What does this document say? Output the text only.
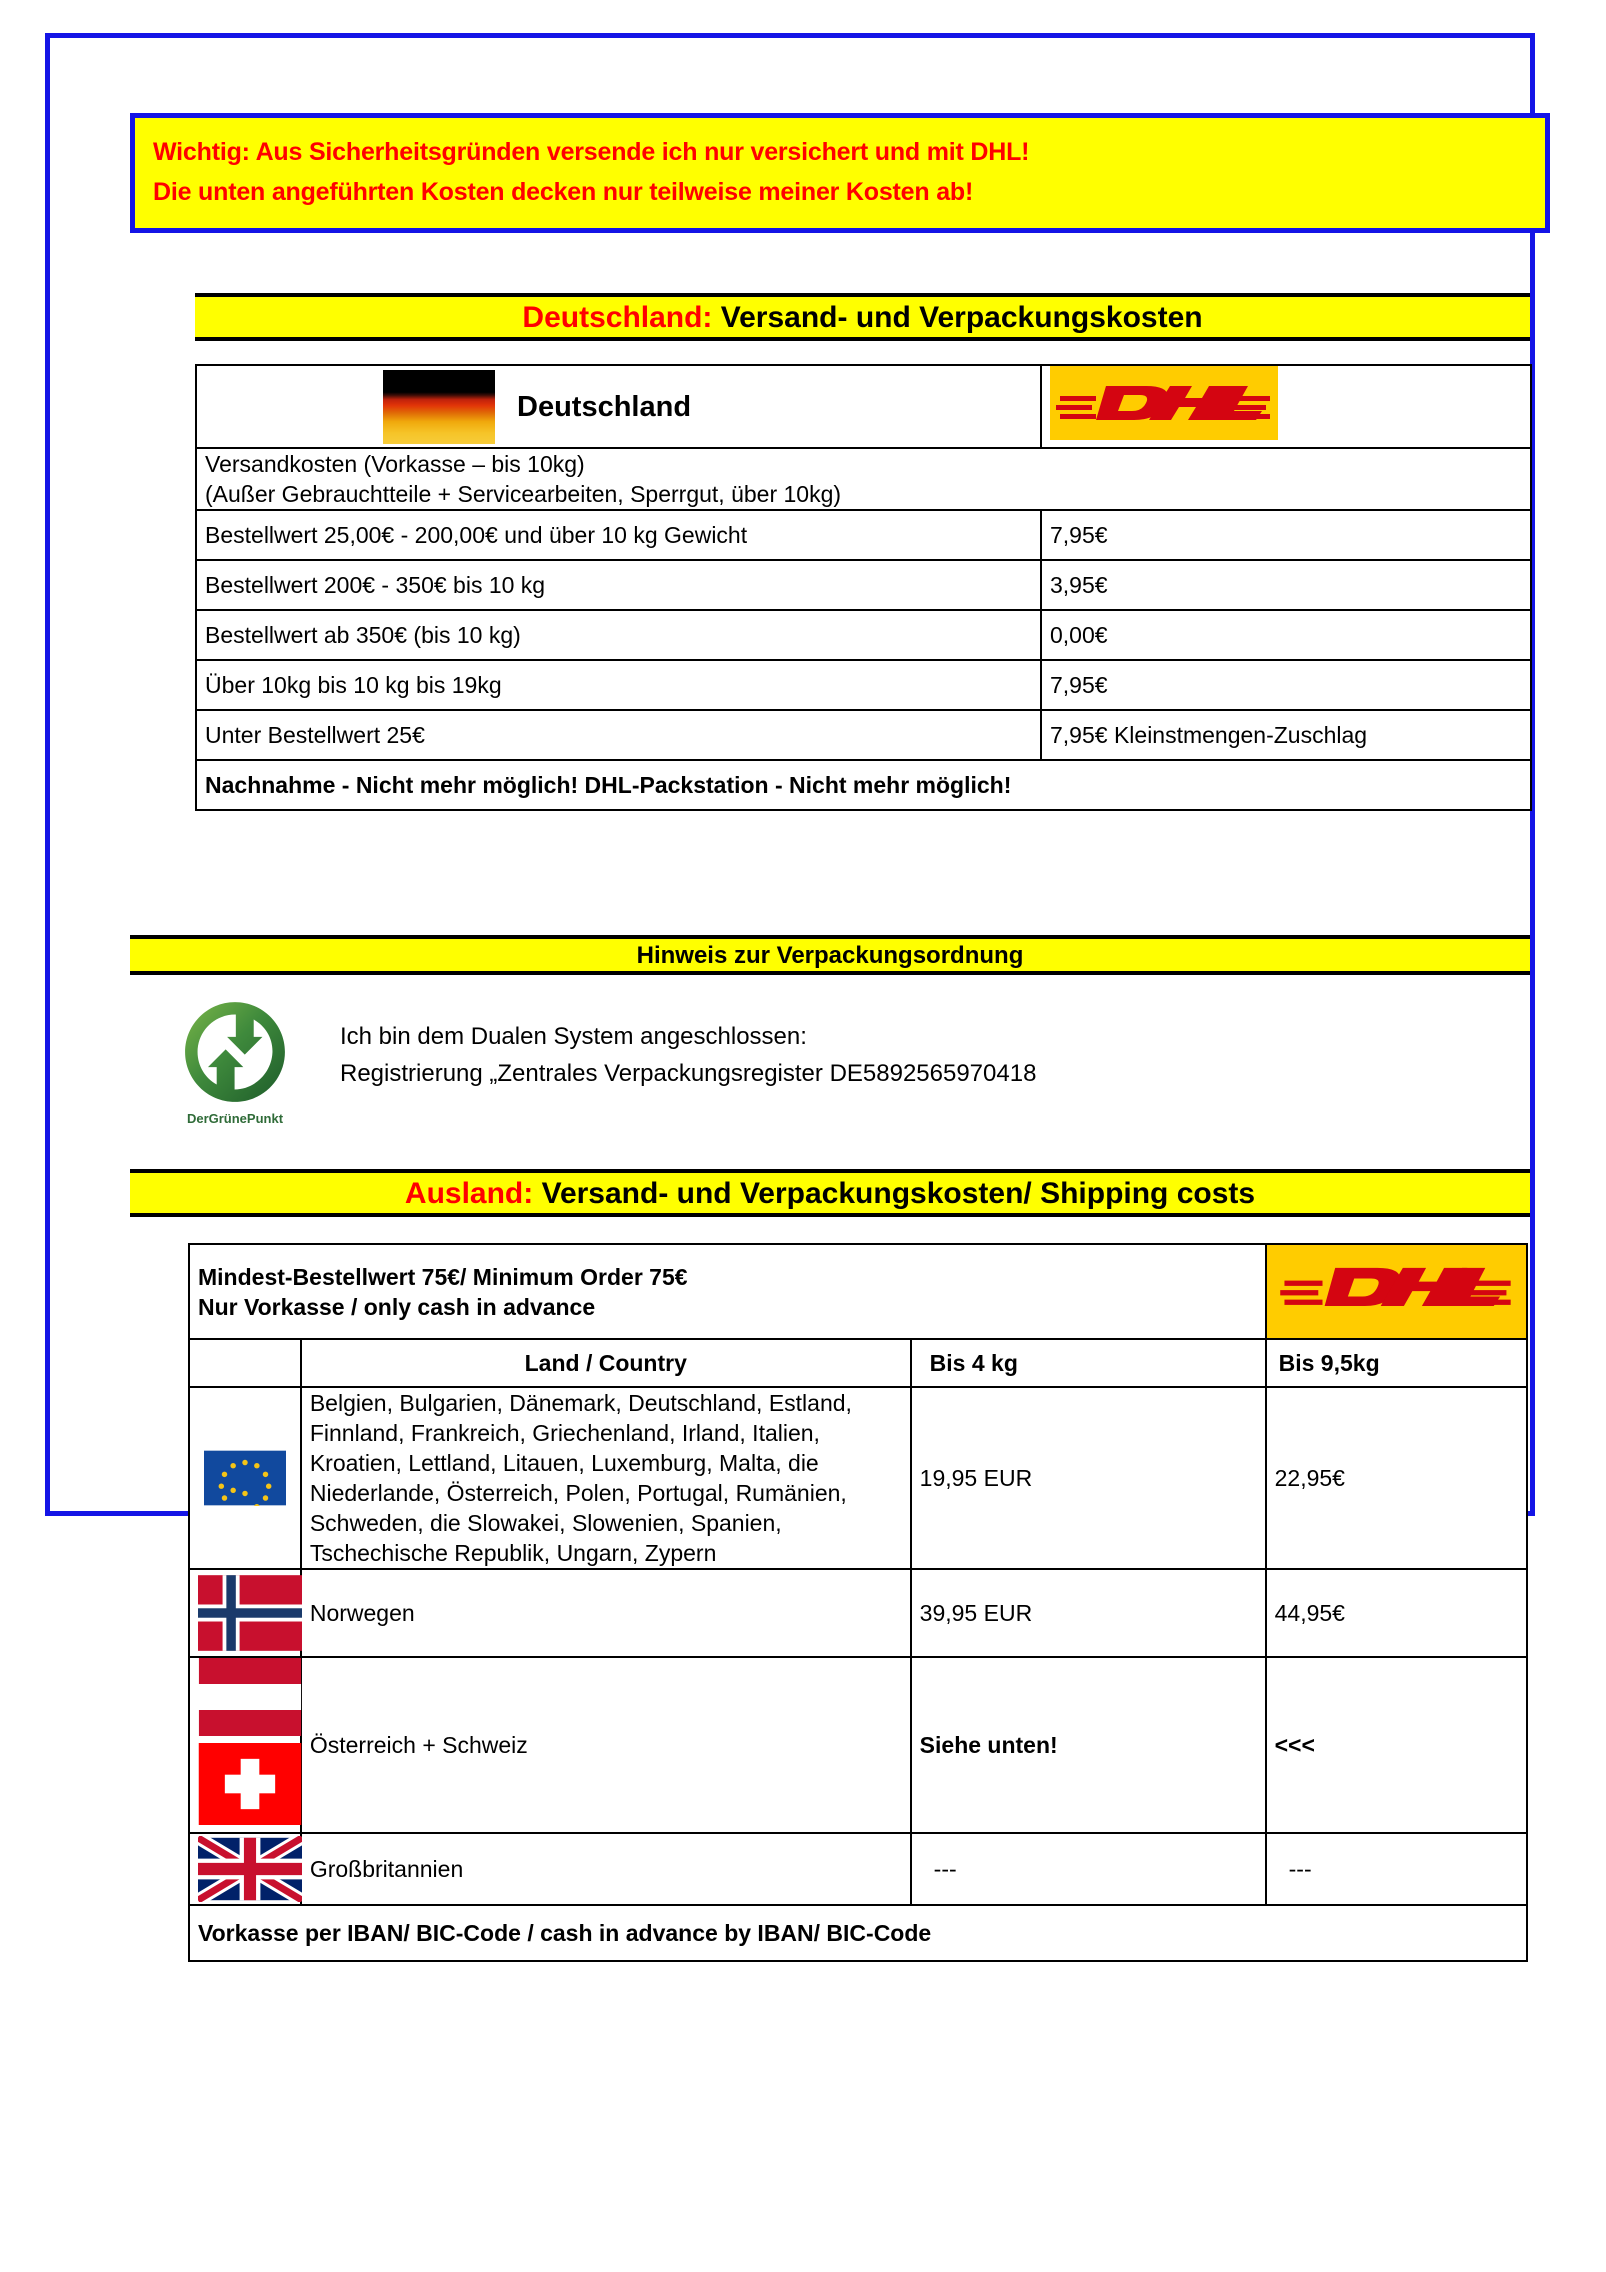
Wichtig: Aus Sicherheitsgründen versende ich nur versichert und mit DHL!
Die unten angeführten Kosten decken nur teilweise meiner Kosten ab!
Deutschland: Versand- und Verpackungskosten
Deutschland	

Versandkosten (Vorkasse – bis 10kg)
(Außer Gebrauchtteile + Servicearbeiten, Sperrgut, über 10kg)	

Bestellwert 25,00€ - 200,00€ und über 10 kg Gewicht	7,95€
Bestellwert 200€ - 350€ bis 10 kg	3,95€
Bestellwert ab 350€ (bis 10 kg)	0,00€
Über 10kg bis 10 kg bis 19kg	7,95€
Unter Bestellwert 25€	7,95€ Kleinstmengen-Zuschlag
Nachnahme - Nicht mehr möglich! DHL-Packstation - Nicht mehr möglich!	
Hinweis zur Verpackungsordnung
DerGrünePunkt
Ich bin dem Dualen System angeschlossen:
Registrierung „Zentrales Verpackungsregister DE5892565970418
Ausland: Versand- und Verpackungskosten/ Shipping costs
Mindest-Bestellwert 75€/ Minimum Order 75€
Nur Vorkasse / only cash in advance

	Land / Country	Bis 4 kg	Bis 9,5kg

	Belgien, Bulgarien, Dänemark, Deutschland, Estland, Finnland, Frankreich, Griechenland, Irland, Italien, Kroatien, Lettland, Litauen, Luxemburg, Malta, die Niederlande, Österreich, Polen, Portugal, Rumänien, Schweden, die Slowakei, Slowenien, Spanien, Tschechische Republik, Ungarn, Zypern	19,95 EUR	22,95€

	Norwegen	39,95 EUR	44,95€

	Österreich + Schweiz	Siehe unten!	<<<

	Großbritannien	---	---
Vorkasse per IBAN/ BIC-Code / cash in advance by IBAN/ BIC-Code			
